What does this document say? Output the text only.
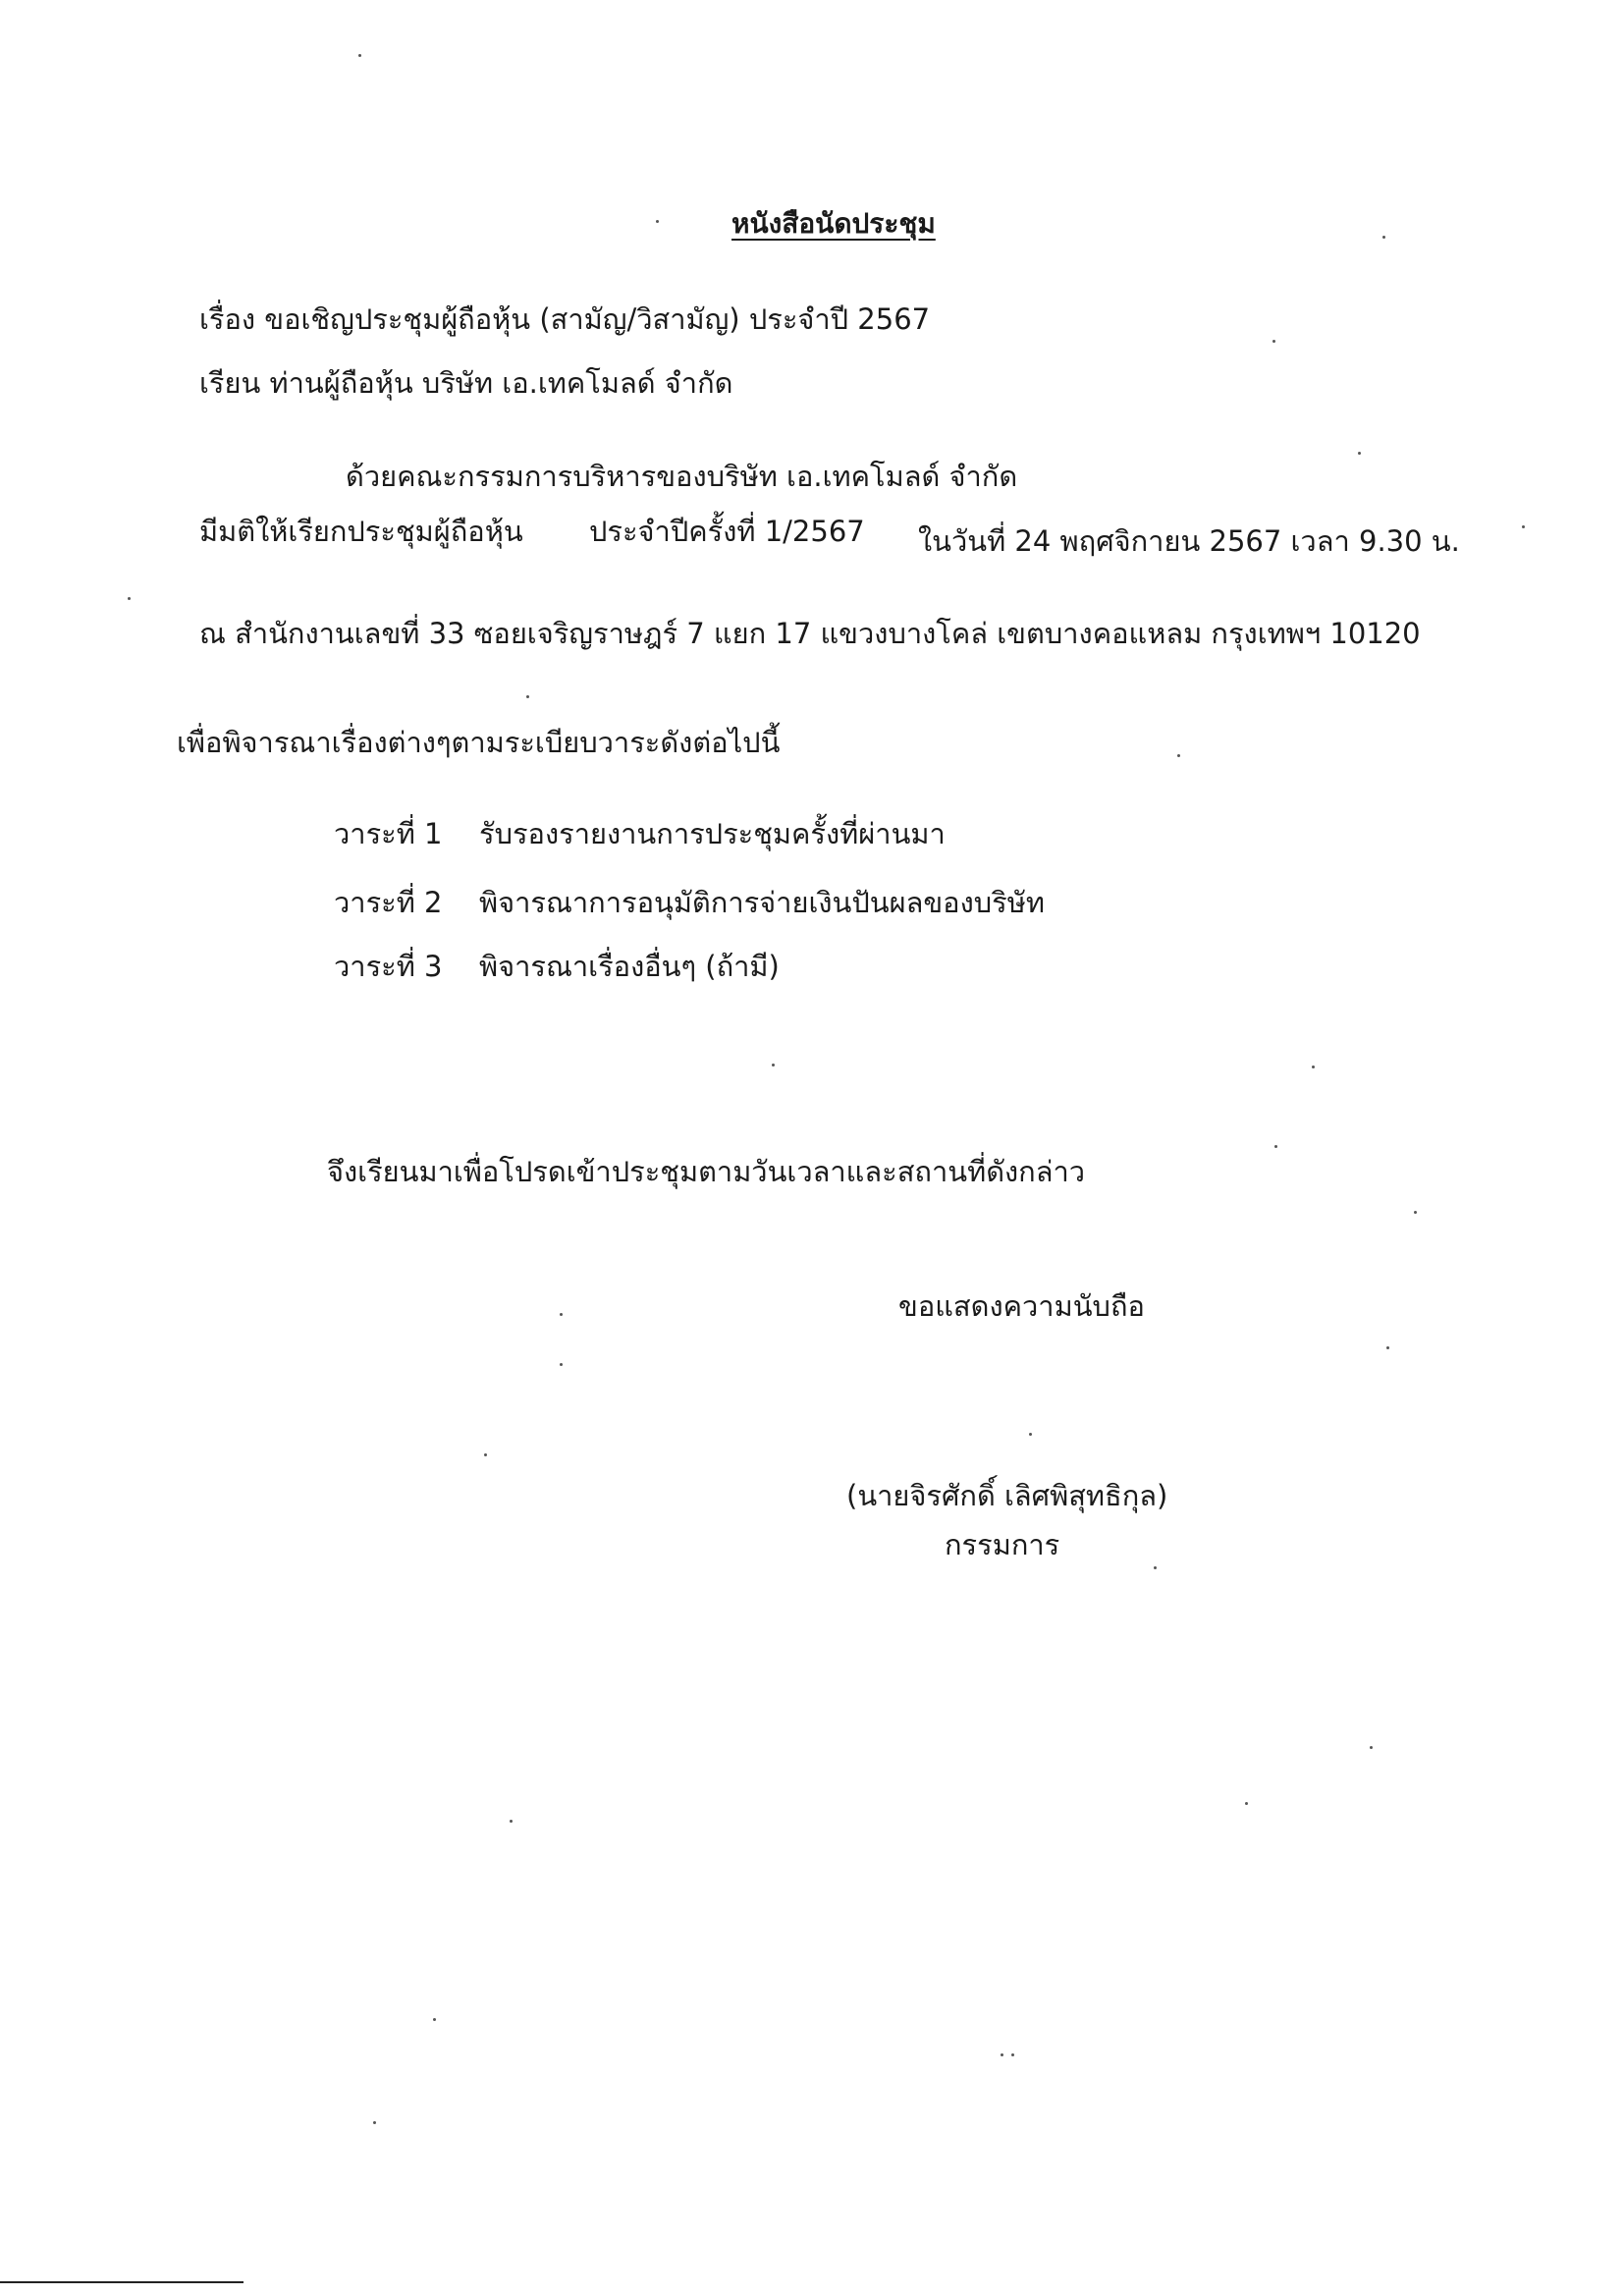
หนังสือนัดประชุม
เรื่อง ขอเชิญประชุมผู้ถือหุ้น (สามัญ/วิสามัญ) ประจำปี 2567
เรียน ท่านผู้ถือหุ้น บริษัท เอ.เทคโมลด์ จำกัด
ด้วยคณะกรรมการบริหารของบริษัท เอ.เทคโมลด์ จำกัด
มีมติให้เรียกประชุมผู้ถือหุ้น ประจำปีครั้งที่ 1/2567 ในวันที่ 24 พฤศจิกายน 2567 เวลา 9.30 น.
ณ สำนักงานเลขที่ 33 ซอยเจริญราษฎร์ 7 แยก 17 แขวงบางโคล่ เขตบางคอแหลม กรุงเทพฯ 10120
เพื่อพิจารณาเรื่องต่างๆตามระเบียบวาระดังต่อไปนี้
วาระที่ 1 รับรองรายงานการประชุมครั้งที่ผ่านมา
วาระที่ 2 พิจารณาการอนุมัติการจ่ายเงินปันผลของบริษัท
วาระที่ 3 พิจารณาเรื่องอื่นๆ (ถ้ามี)
จึงเรียนมาเพื่อโปรดเข้าประชุมตามวันเวลาและสถานที่ดังกล่าว
ขอแสดงความนับถือ
(นายจิรศักดิ์ เลิศพิสุทธิกุล)
กรรมการ
